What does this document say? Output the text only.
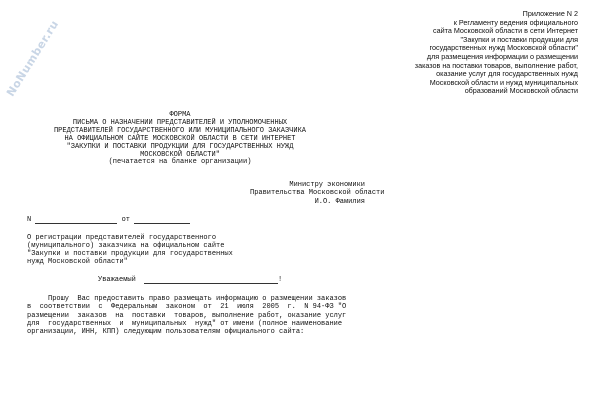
NoNumber.ru
Приложение N 2
к Регламенту ведения официального
сайта Московской области в сети Интернет
"Закупки и поставки продукции для
государственных нужд Московской области"
для размещения информации о размещении
заказов на поставки товаров, выполнение работ,
оказание услуг для государственных нужд
Московской области и нужд муниципальных
образований Московской области
ФОРМА
ПИСЬМА О НАЗНАЧЕНИИ ПРЕДСТАВИТЕЛЕЙ И УПОЛНОМОЧЕННЫХ
ПРЕДСТАВИТЕЛЕЙ ГОСУДАРСТВЕННОГО ИЛИ МУНИЦИПАЛЬНОГО ЗАКАЗЧИКА
НА ОФИЦИАЛЬНОМ САЙТЕ МОСКОВСКОЙ ОБЛАСТИ В СЕТИ ИНТЕРНЕТ
"ЗАКУПКИ И ПОСТАВКИ ПРОДУКЦИИ ДЛЯ ГОСУДАРСТВЕННЫХ НУЖД
МОСКОВСКОЙ ОБЛАСТИ"
(печатается на бланке организации)
Министру экономики
Правительства Московской области
И.О. Фамилия
N	от
О регистрации представителей государственного
(муниципального) заказчика на официальном сайте
"Закупки и поставки продукции для государственных
нужд Московской области"
Уважаемый	!
Прошу  Вас предоставить право размещать информацию о размещении заказов
в  соответствии  с  Федеральным  законом  от  21  июля  2005  г.  N 94-ФЗ "О
размещении  заказов  на  поставки  товаров, выполнение работ, оказание услуг
для  государственных  и  муниципальных  нужд" от имени (полное наименование
организации, ИНН, КПП) следующим пользователям официального сайта:
